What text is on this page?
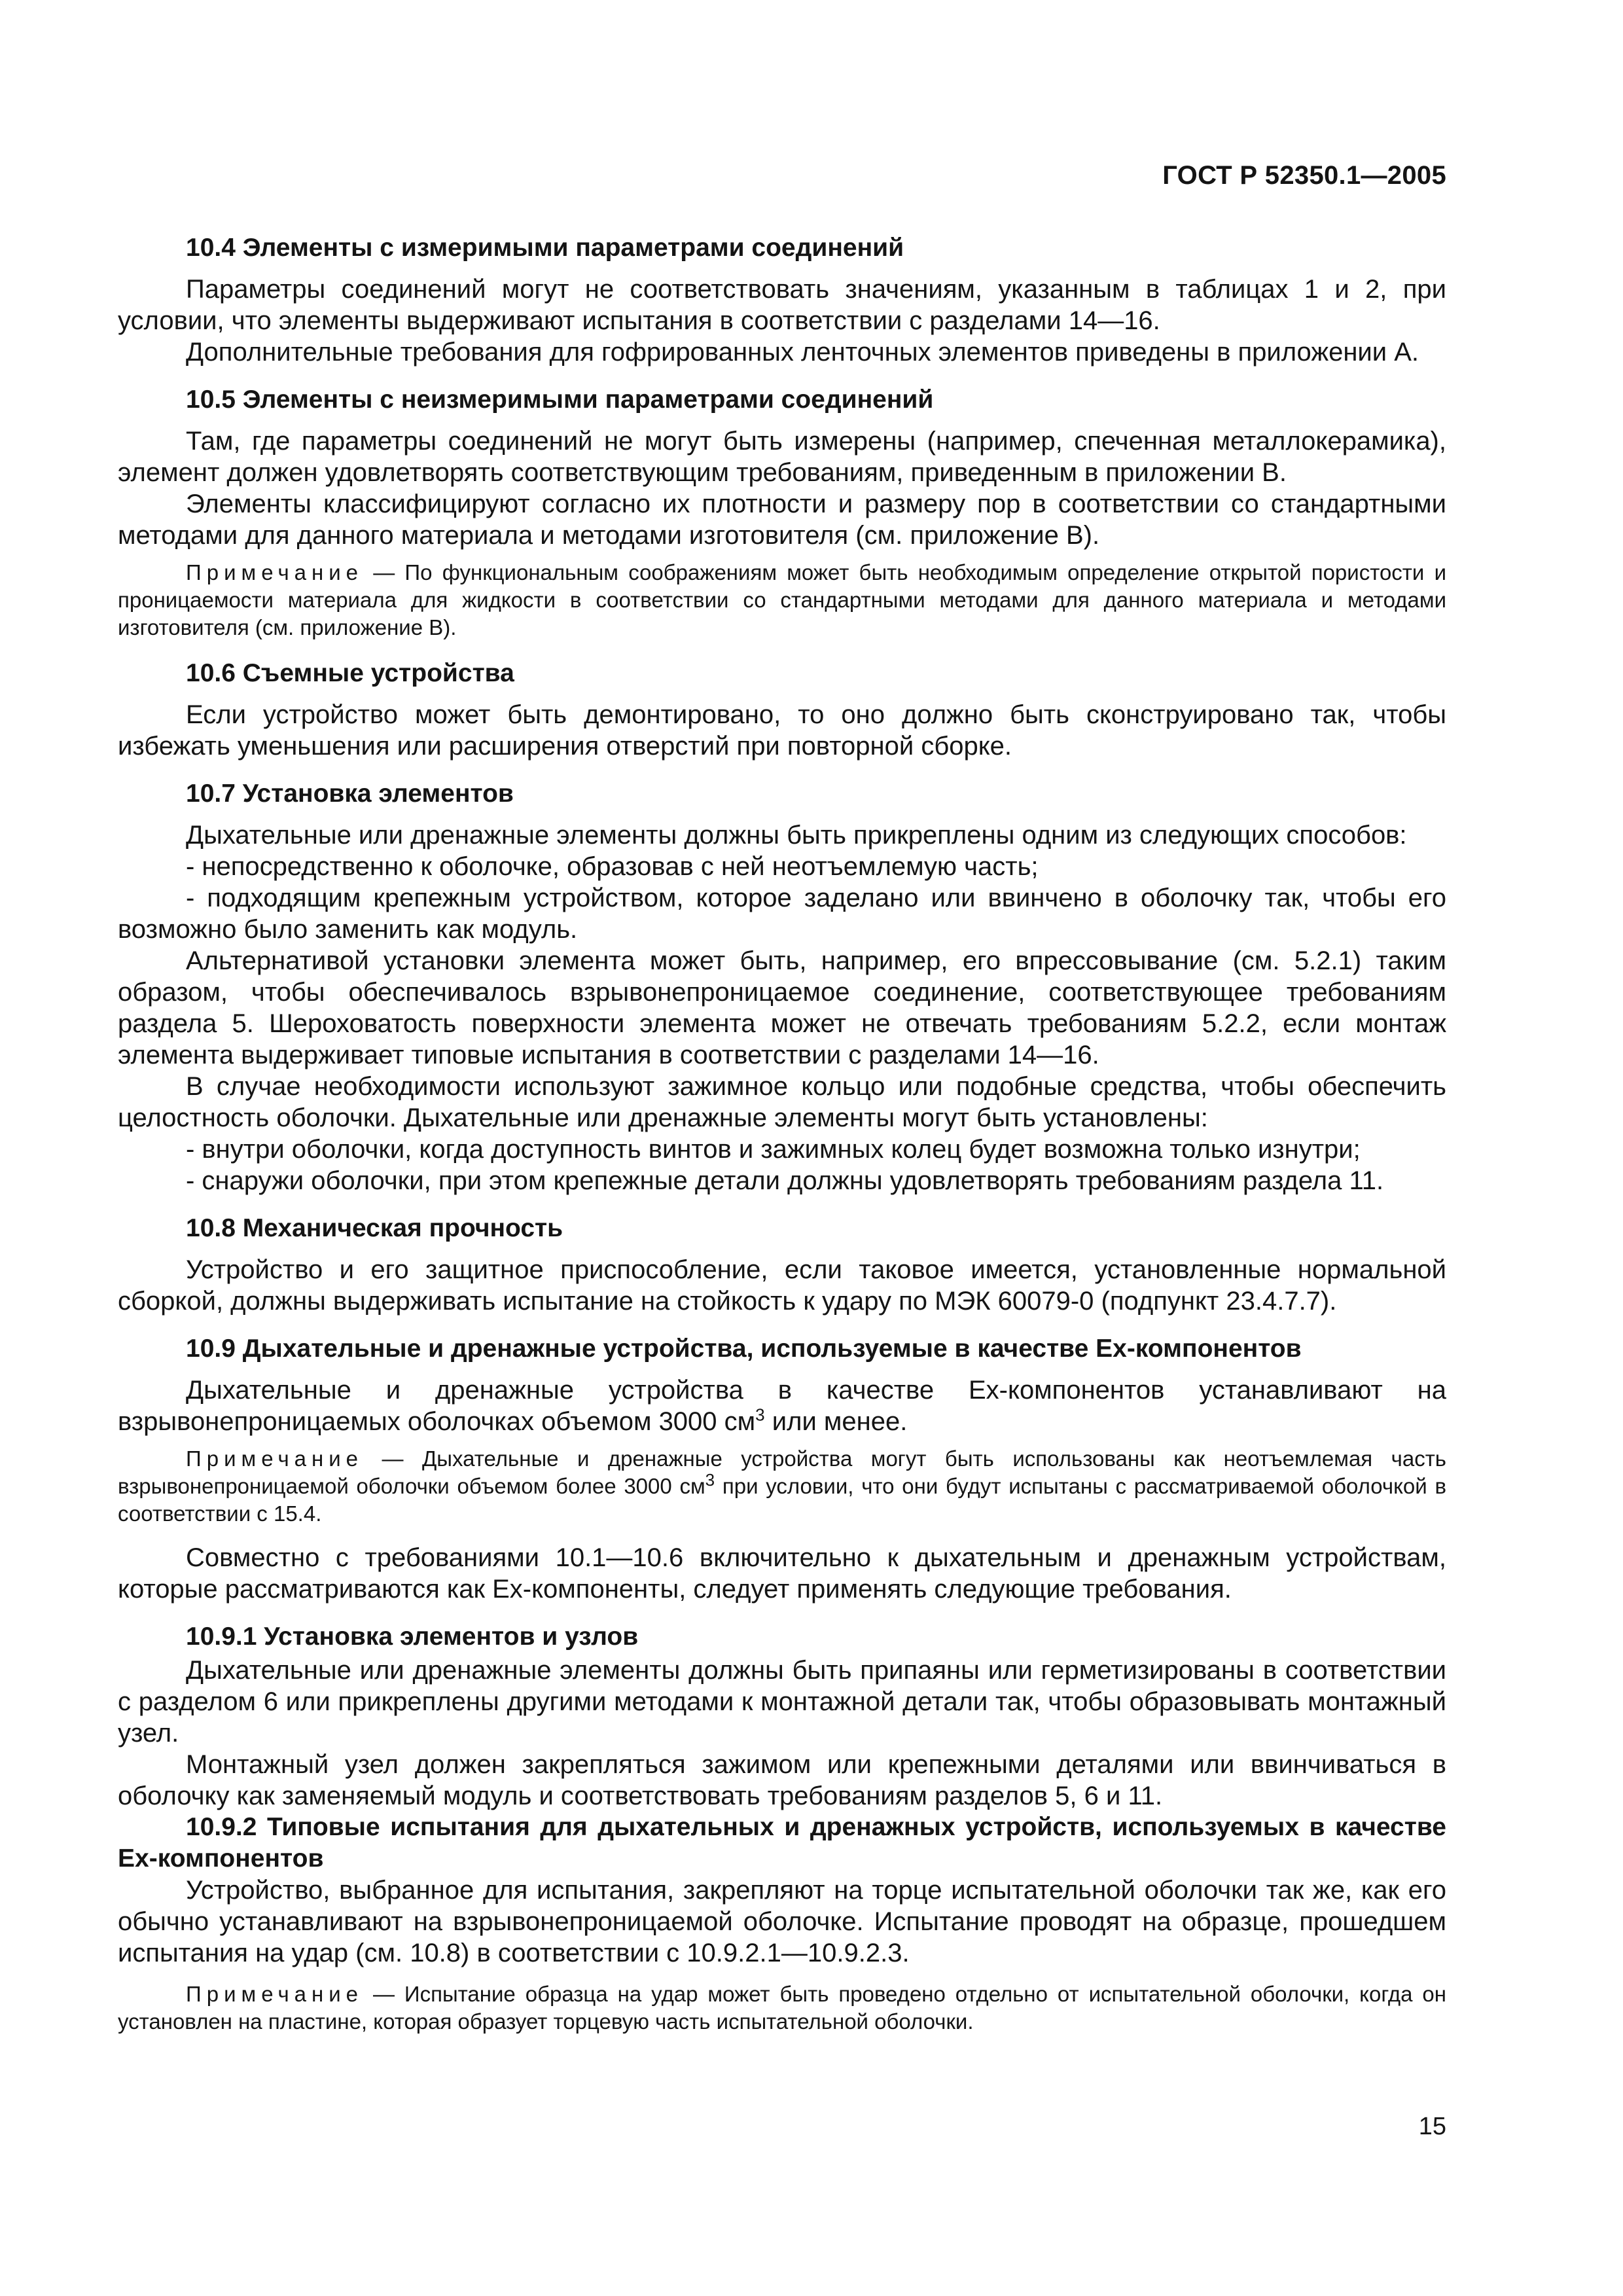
ГОСТ Р 52350.1—2005
10.4 Элементы с измеримыми параметрами соединений

Параметры соединений могут не соответствовать значениям, указанным в таблицах 1 и 2, при условии, что элементы выдерживают испытания в соответствии с разделами 14—16.

Дополнительные требования для гофрированных ленточных элементов приведены в приложении А.

10.5 Элементы с неизмеримыми параметрами соединений

Там, где параметры соединений не могут быть измерены (например, спеченная металлокерамика), элемент должен удовлетворять соответствующим требованиям, приведенным в приложении В.

Элементы классифицируют согласно их плотности и размеру пор в соответствии со стандартными методами для данного материала и методами изготовителя (см. приложение В).

Примечание — По функциональным соображениям может быть необходимым определение открытой пористости и проницаемости материала для жидкости в соответствии со стандартными методами для данного материала и методами изготовителя (см. приложение В).

10.6 Съемные устройства

Если устройство может быть демонтировано, то оно должно быть сконструировано так, чтобы избежать уменьшения или расширения отверстий при повторной сборке.

10.7 Установка элементов

Дыхательные или дренажные элементы должны быть прикреплены одним из следующих способов:

- непосредственно к оболочке, образовав с ней неотъемлемую часть;

- подходящим крепежным устройством, которое заделано или ввинчено в оболочку так, чтобы его возможно было заменить как модуль.

Альтернативой установки элемента может быть, например, его впрессовывание (см. 5.2.1) таким образом, чтобы обеспечивалось взрывонепроницаемое соединение, соответствующее требованиям раздела 5. Шероховатость поверхности элемента может не отвечать требованиям 5.2.2, если монтаж элемента выдерживает типовые испытания в соответствии с разделами 14—16.

В случае необходимости используют зажимное кольцо или подобные средства, чтобы обеспечить целостность оболочки. Дыхательные или дренажные элементы могут быть установлены:

- внутри оболочки, когда доступность винтов и зажимных колец будет возможна только изнутри;

- снаружи оболочки, при этом крепежные детали должны удовлетворять требованиям раздела 11.

10.8 Механическая прочность

Устройство и его защитное приспособление, если таковое имеется, установленные нормальной сборкой, должны выдерживать испытание на стойкость к удару по МЭК 60079-0 (подпункт 23.4.7.7).

10.9 Дыхательные и дренажные устройства, используемые в качестве Ex-компонентов

Дыхательные и дренажные устройства в качестве Ex-компонентов устанавливают на взрывонепроницаемых оболочках объемом 3000 $см^3$ или менее.

Примечание — Дыхательные и дренажные устройства могут быть использованы как неотъемлемая часть взрывонепроницаемой оболочки объемом более 3000 $см^3$ при условии, что они будут испытаны с рассматриваемой оболочкой в соответствии с 15.4.

Совместно с требованиями 10.1—10.6 включительно к дыхательным и дренажным устройствам, которые рассматриваются как Ex-компоненты, следует применять следующие требования.

10.9.1 Установка элементов и узлов

Дыхательные или дренажные элементы должны быть припаяны или герметизированы в соответствии с разделом 6 или прикреплены другими методами к монтажной детали так, чтобы образовывать монтажный узел.

Монтажный узел должен закрепляться зажимом или крепежными деталями или ввинчиваться в оболочку как заменяемый модуль и соответствовать требованиям разделов 5, 6 и 11.

10.9.2 Типовые испытания для дыхательных и дренажных устройств, используемых в качестве Ex-компонентов

Устройство, выбранное для испытания, закрепляют на торце испытательной оболочки так же, как его обычно устанавливают на взрывонепроницаемой оболочке. Испытание проводят на образце, прошедшем испытания на удар (см. 10.8) в соответствии с 10.9.2.1—10.9.2.3.

Примечание — Испытание образца на удар может быть проведено отдельно от испытательной оболочки, когда он установлен на пластине, которая образует торцевую часть испытательной оболочки.

15
